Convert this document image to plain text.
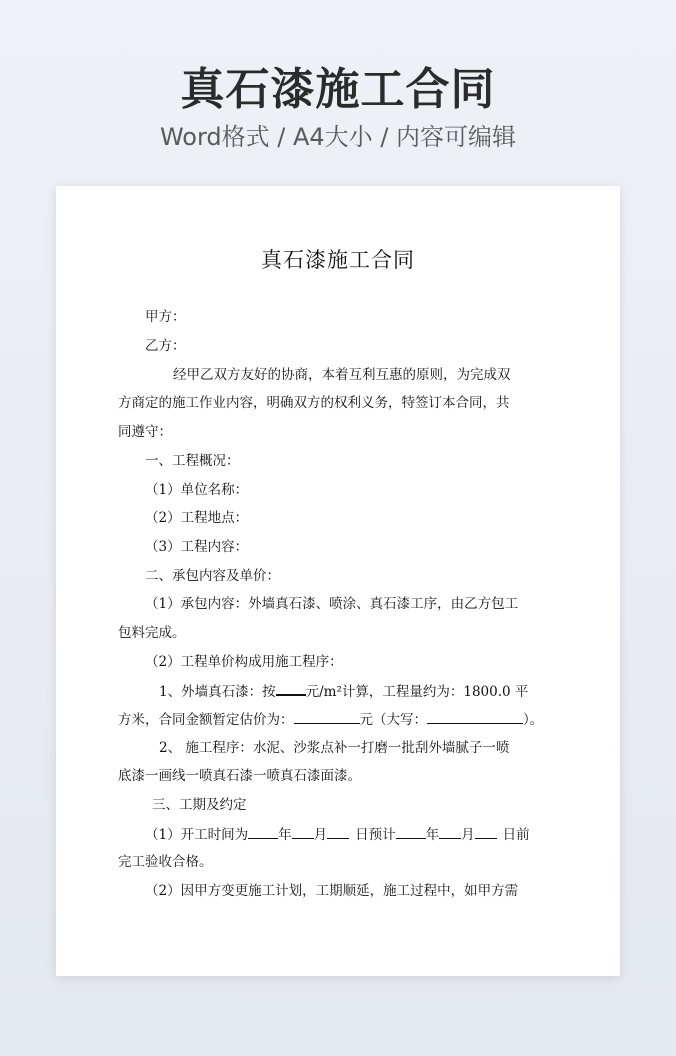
真石漆施工合同
Word格式 / A4大小 / 内容可编辑
真石漆施工合同
甲方：
乙方：
经甲乙双方友好的协商，本着互利互惠的原则，为完成双
方商定的施工作业内容，明确双方的权利义务，特签订本合同，共
同遵守：
一、工程概况：
（1）单位名称：
（2）工程地点：
（3）工程内容：
二、承包内容及单价：
（1）承包内容：外墙真石漆、喷涂、真石漆工序，由乙方包工
包料完成。
（2）工程单价构成用施工程序：
1、外墙真石漆：按 元/m²计算，工程量约为：1800.0 平
方米，合同金额暂定估价为：	元（大写：	）。
2、 施工程序：水泥、沙浆点补一打磨一批刮外墙腻子一喷
底漆一画线一喷真石漆一喷真石漆面漆。
三、工期及约定
（1）开工时间为 年 月 日预计 年 月 日前
完工验收合格。
（2）因甲方变更施工计划，工期顺延，施工过程中，如甲方需
